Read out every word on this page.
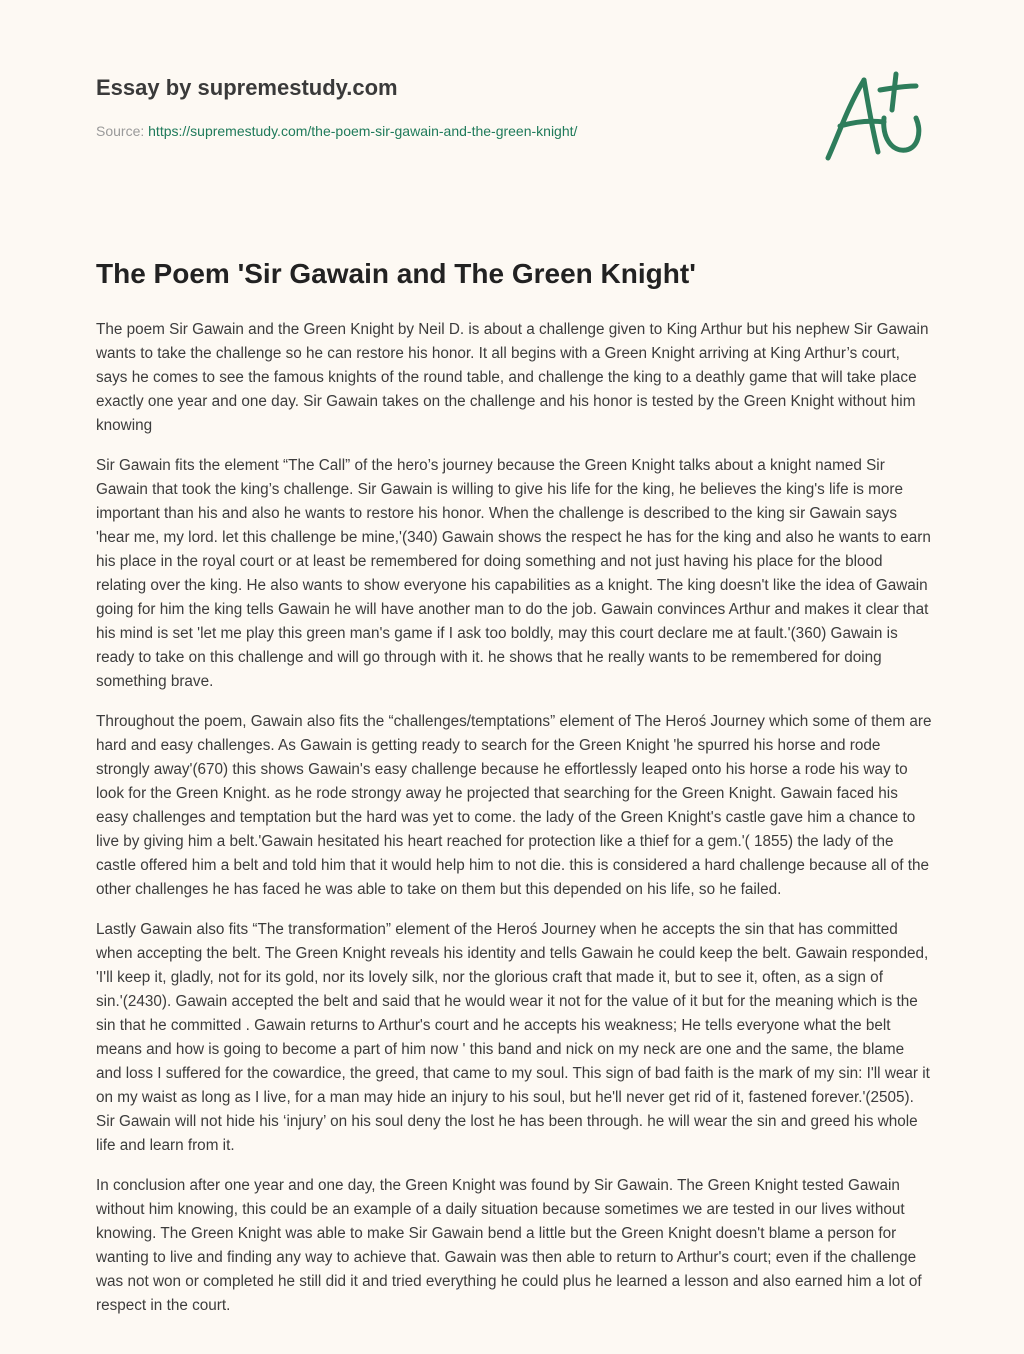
Essay by supremestudy.com
Source: https://supremestudy.com/the-poem-sir-gawain-and-the-green-knight/
The Poem 'Sir Gawain and The Green Knight'

The poem Sir Gawain and the Green Knight by Neil D. is about a challenge given to King Arthur but his nephew Sir Gawain wants to take the challenge so he can restore his honor. It all begins with a Green Knight arriving at King Arthur’s court, says he comes to see the famous knights of the round table, and challenge the king to a deathly game that will take place exactly one year and one day. Sir Gawain takes on the challenge and his honor is tested by the Green Knight without him knowing

Sir Gawain fits the element “The Call” of the hero’s journey because the Green Knight talks about a knight named Sir Gawain that took the king’s challenge. Sir Gawain is willing to give his life for the king, he believes the king's life is more important than his and also he wants to restore his honor. When the challenge is described to the king sir Gawain says 'hear me, my lord. let this challenge be mine,'(340) Gawain shows the respect he has for the king and also he wants to earn his place in the royal court or at least be remembered for doing something and not just having his place for the blood relating over the king. He also wants to show everyone his capabilities as a knight. The king doesn't like the idea of Gawain going for him the king tells Gawain he will have another man to do the job. Gawain convinces Arthur and makes it clear that his mind is set 'let me play this green man's game if I ask too boldly, may this court declare me at fault.'(360) Gawain is ready to take on this challenge and will go through with it. he shows that he really wants to be remembered for doing something brave.

Throughout the poem, Gawain also fits the “challenges/temptations” element of The Heroś Journey which some of them are hard and easy challenges. As Gawain is getting ready to search for the Green Knight 'he spurred his horse and rode strongly away'(670) this shows Gawain's easy challenge because he effortlessly leaped onto his horse a rode his way to look for the Green Knight. as he rode strongy away he projected that searching for the Green Knight. Gawain faced his easy challenges and temptation but the hard was yet to come. the lady of the Green Knight's castle gave him a chance to live by giving him a belt.'Gawain hesitated his heart reached for protection like a thief for a gem.'( 1855) the lady of the castle offered him a belt and told him that it would help him to not die. this is considered a hard challenge because all of the other challenges he has faced he was able to take on them but this depended on his life, so he failed.

Lastly Gawain also fits “The transformation” element of the Heroś Journey when he accepts the sin that has committed when accepting the belt. The Green Knight reveals his identity and tells Gawain he could keep the belt. Gawain responded, 'I'll keep it, gladly, not for its gold, nor its lovely silk, nor the glorious craft that made it, but to see it, often, as a sign of sin.'(2430). Gawain accepted the belt and said that he would wear it not for the value of it but for the meaning which is the sin that he committed . Gawain returns to Arthur's court and he accepts his weakness; He tells everyone what the belt means and how is going to become a part of him now ' this band and nick on my neck are one and the same, the blame and loss I suffered for the cowardice, the greed, that came to my soul. This sign of bad faith is the mark of my sin: I'll wear it on my waist as long as I live, for a man may hide an injury to his soul, but he'll never get rid of it, fastened forever.'(2505). Sir Gawain will not hide his ‘injury’ on his soul deny the lost he has been through. he will wear the sin and greed his whole life and learn from it.

In conclusion after one year and one day, the Green Knight was found by Sir Gawain. The Green Knight tested Gawain without him knowing, this could be an example of a daily situation because sometimes we are tested in our lives without knowing. The Green Knight was able to make Sir Gawain bend a little but the Green Knight doesn't blame a person for wanting to live and finding any way to achieve that. Gawain was then able to return to Arthur's court; even if the challenge was not won or completed he still did it and tried everything he could plus he learned a lesson and also earned him a lot of respect in the court.
